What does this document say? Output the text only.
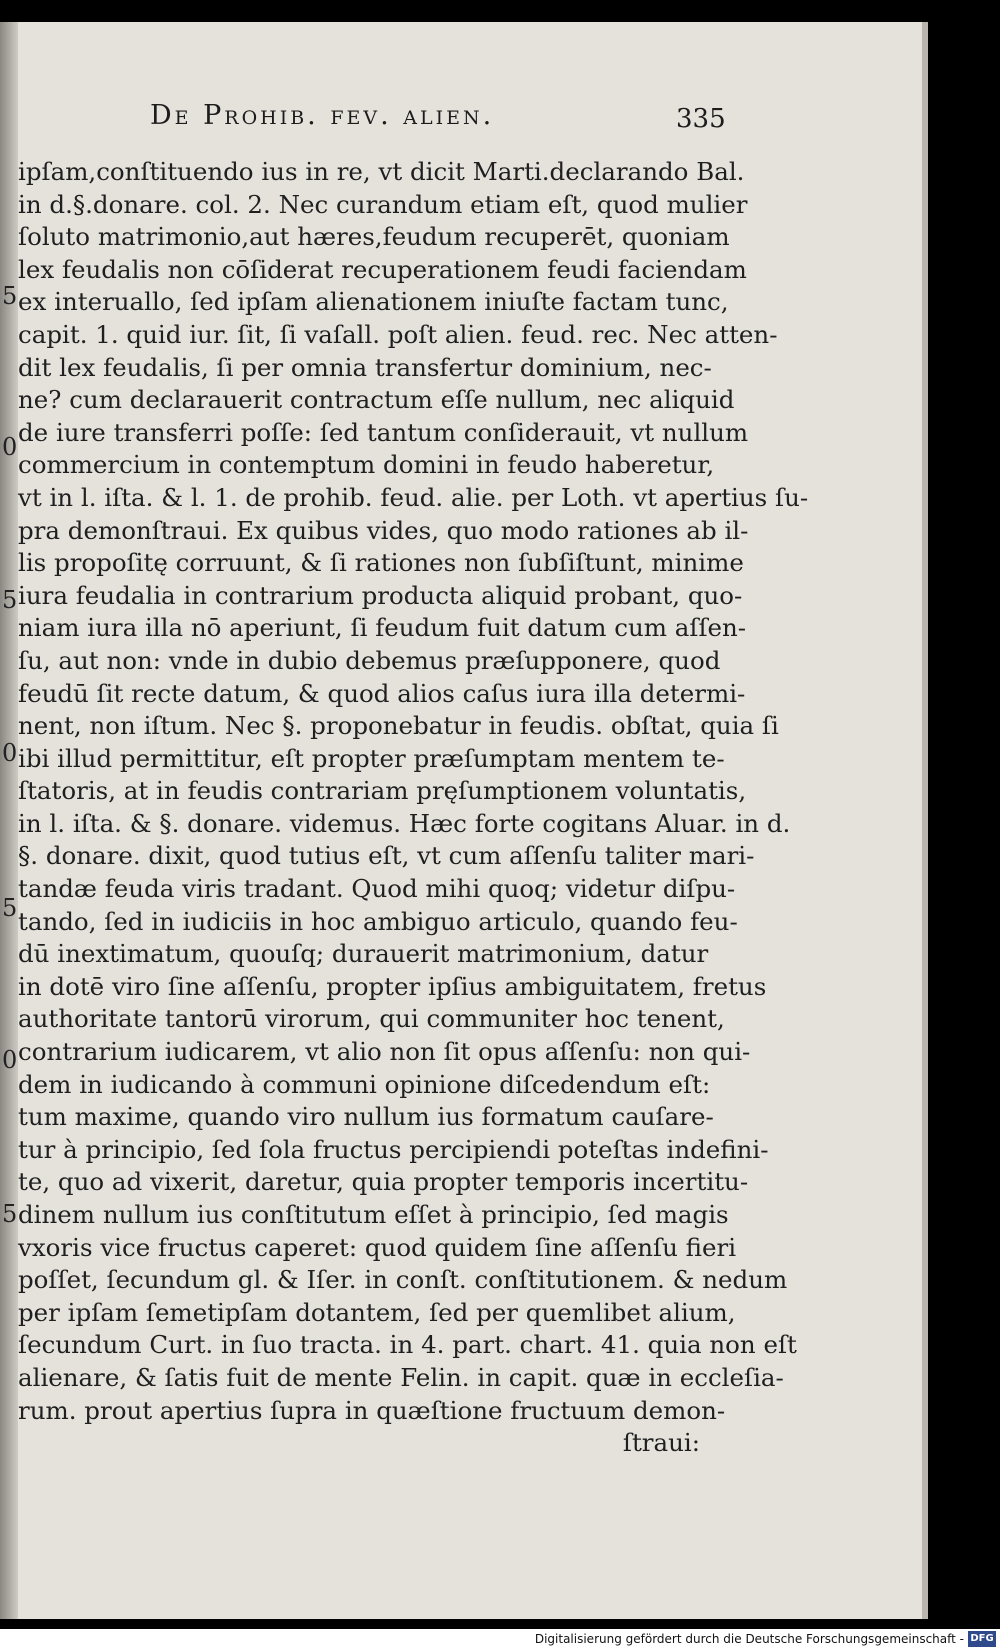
De Prohib. fev. alien.	335
5
0
5
0
5
0
5
ipſam,conſtituendo ius in re, vt dicit Marti.declarando Bal.
in d.§.donare. col. 2. Nec curandum etiam eſt, quod mulier
ſoluto matrimonio,aut hæres,feudum recuperēt, quoniam
lex feudalis non cōſiderat recuperationem feudi faciendam
ex interuallo, ſed ipſam alienationem iniuſte factam tunc,
capit. 1. quid iur. ſit, ſi vaſall. poſt alien. feud. rec. Nec atten-
dit lex feudalis, ſi per omnia transfertur dominium, nec-
ne? cum declarauerit contractum eſſe nullum, nec aliquid
de iure transferri poſſe: ſed tantum conſiderauit, vt nullum
commercium in contemptum domini in feudo haberetur,
vt in l. iſta. & l. 1. de prohib. feud. alie. per Loth. vt apertius ſu-
pra demonſtraui. Ex quibus vides, quo modo rationes ab il-
lis propoſitę corruunt, & ſi rationes non ſubſiſtunt, minime
iura feudalia in contrarium producta aliquid probant, quo-
niam iura illa nō aperiunt, ſi feudum fuit datum cum aſſen-
ſu, aut non: vnde in dubio debemus præſupponere, quod
feudū ſit recte datum, & quod alios caſus iura illa determi-
nent, non iſtum. Nec §. proponebatur in feudis. obſtat, quia ſi
ibi illud permittitur, eſt propter præſumptam mentem te-
ſtatoris, at in feudis contrariam pręſumptionem voluntatis,
in l. iſta. & §. donare. videmus. Hæc forte cogitans Aluar. in d.
§. donare. dixit, quod tutius eſt, vt cum aſſenſu taliter mari-
tandæ feuda viris tradant. Quod mihi quoq; videtur diſpu-
tando, ſed in iudiciis in hoc ambiguo articulo, quando feu-
dū inextimatum, quouſq; durauerit matrimonium, datur
in dotē viro ſine aſſenſu, propter ipſius ambiguitatem, fretus
authoritate tantorū virorum, qui communiter hoc tenent,
contrarium iudicarem, vt alio non ſit opus aſſenſu: non qui-
dem in iudicando à communi opinione diſcedendum eſt:
tum maxime, quando viro nullum ius formatum cauſare-
tur à principio, ſed ſola fructus percipiendi poteſtas indefini-
te, quo ad vixerit, daretur, quia propter temporis incertitu-
dinem nullum ius conſtitutum eſſet à principio, ſed magis
vxoris vice fructus caperet: quod quidem ſine aſſenſu fieri
poſſet, ſecundum gl. & Iſer. in conſt. conſtitutionem. & nedum
per ipſam ſemetipſam dotantem, ſed per quemlibet alium,
ſecundum Curt. in ſuo tracta. in 4. part. chart. 41. quia non eſt
alienare, & ſatis fuit de mente Felin. in capit. quæ in eccleſia-
rum. prout apertius ſupra in quæſtione fructuum demon-
ſtraui:
Digitalisierung gefördert durch die Deutsche Forschungsgemeinschaft - DFG
